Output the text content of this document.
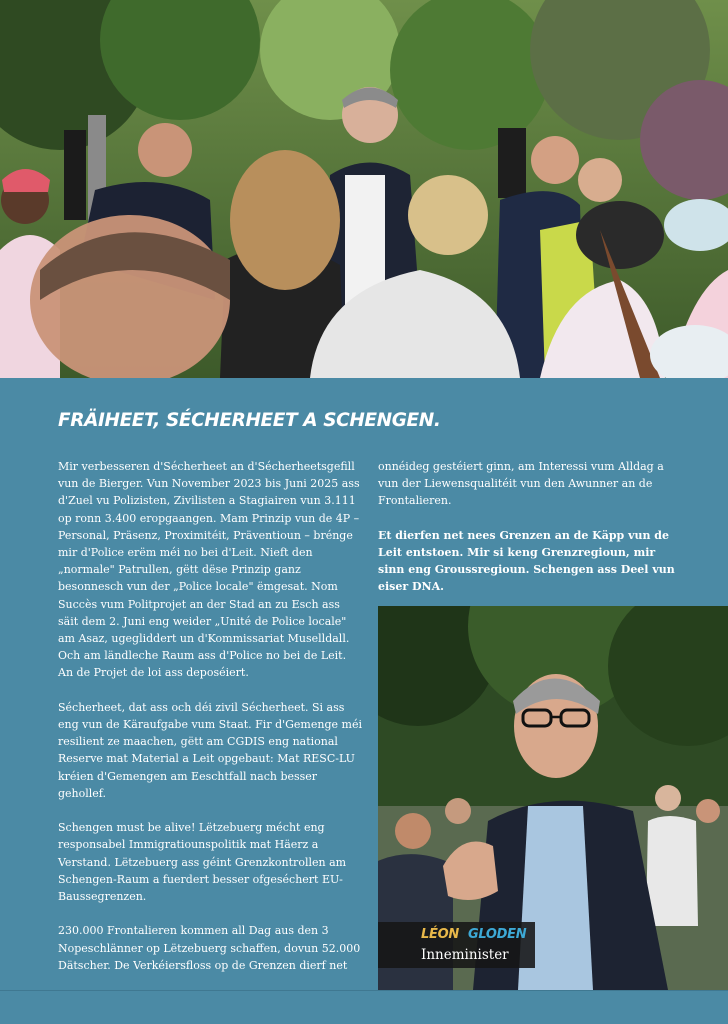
FRÄIHEET, SÉCHERHEET A SCHENGEN.

Mir verbesseren d'Sécherheet an d'Sécherheetsgefill vun de Bierger. Vun November 2023 bis Juni 2025 ass d'Zuel vu Polizisten, Zivilisten a Stagiairen vun 3.111 op ronn 3.400 eropgaangen. Mam Prinzip vun de 4P – Personal, Präsenz, Proximitéit, Präventioun – brénge mir d'Police erëm méi no bei d'Leit. Nieft den „normale" Patrullen, gëtt dëse Prinzip ganz besonnesch vun der „Police locale" ëmgesat. Nom Succès vum Politprojet an der Stad an zu Esch ass säit dem 2. Juni eng weider „Unité de Police locale" am Asaz, ugegliddert un d'Kommissariat Muselldall. Och am ländleche Raum ass d'Police no bei de Leit. An de Projet de loi ass deposéiert.

Sécherheet, dat ass och déi zivil Sécherheet. Si ass eng vun de Käraufgabe vum Staat. Fir d'Gemenge méi resilient ze maachen, gëtt am CGDIS eng national Reserve mat Material a Leit opgebaut: Mat RESC-LU kréien d'Gemengen am Eeschtfall nach besser gehollef.

Schengen must be alive! Lëtzebuerg mécht eng responsabel Immigratiounspolitik mat Häerz a Verstand. Lëtzebuerg ass géint Grenzkontrollen am Schengen-Raum a fuerdert besser ofgeséchert EU-Baussegrenzen.

230.000 Frontalieren kommen all Dag aus den 3 Nopeschlänner op Lëtzebuerg schaffen, dovun 52.000 Dätscher. De Verkéiersfloss op de Grenzen dierf net

onnéideg gestéiert ginn, am Interessi vum Alldag a vun der Liewensqualitéit vun den Awunner an de Frontalieren.

Et dierfen net nees Grenzen an de Käpp vun de Leit entstoen. Mir si keng Grenzregioun, mir sinn eng Groussregioun. Schengen ass Deel vun eiser DNA.

LÉON GLODEN
Inneminister
